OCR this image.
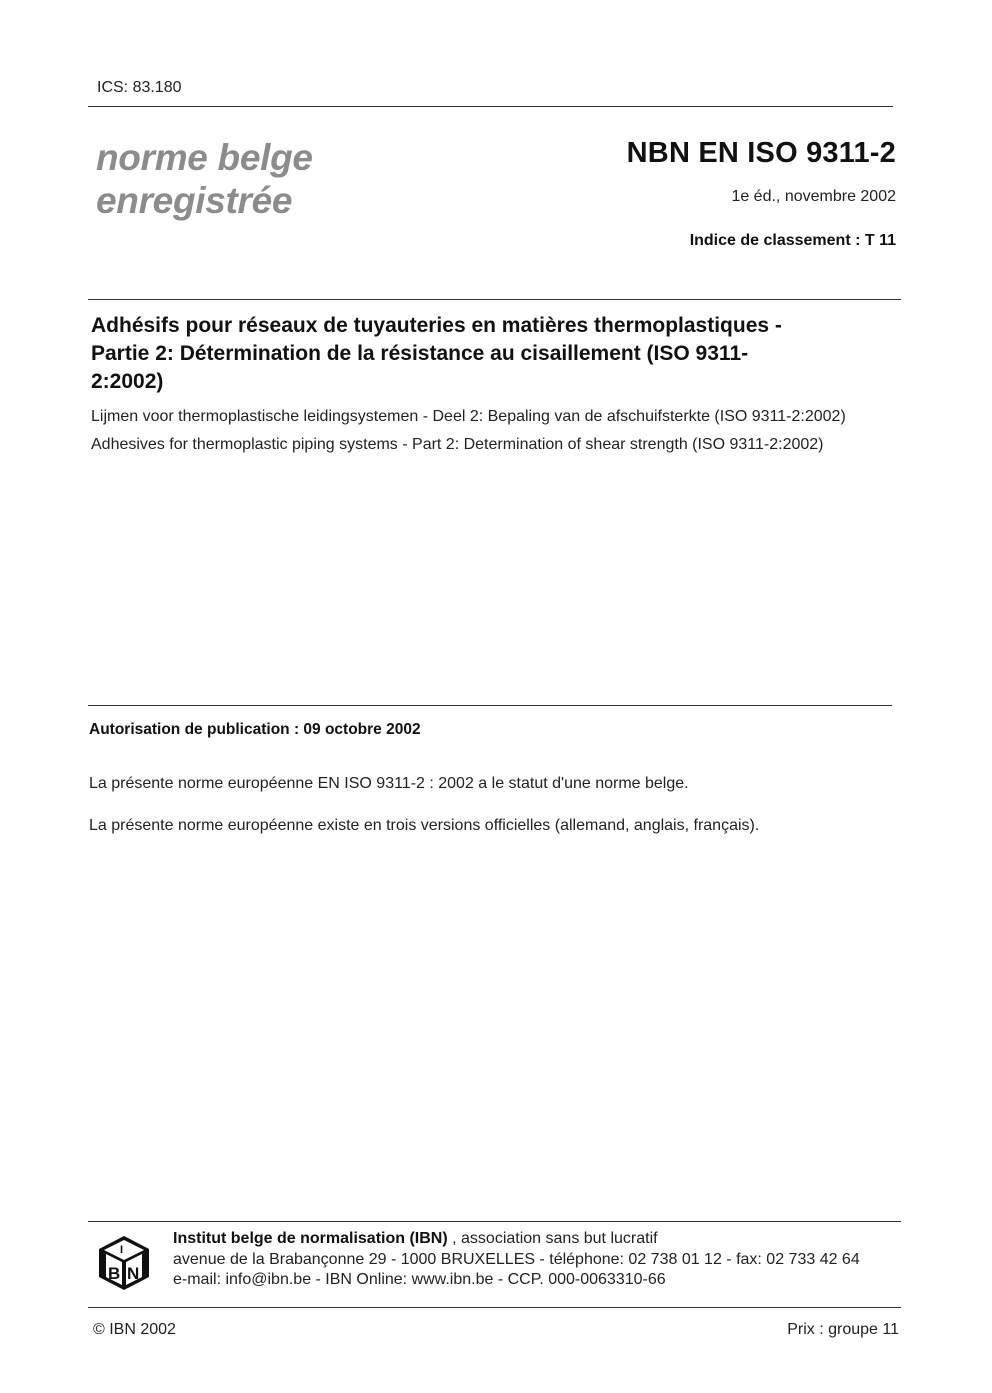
ICS: 83.180
norme belge
enregistrée
NBN EN ISO 9311-2
1e éd., novembre 2002
Indice de classement : T 11
Adhésifs pour réseaux de tuyauteries en matières thermoplastiques -
Partie 2: Détermination de la résistance au cisaillement (ISO 9311-
2:2002)
Lijmen voor thermoplastische leidingsystemen - Deel 2: Bepaling van de afschuifsterkte (ISO 9311-2:2002)
Adhesives for thermoplastic piping systems - Part 2: Determination of shear strength (ISO 9311-2:2002)
Autorisation de publication : 09 octobre 2002
La présente norme européenne EN ISO 9311-2 : 2002 a le statut d'une norme belge.
La présente norme européenne existe en trois versions officielles (allemand, anglais, français).
I
B N
Institut belge de normalisation (IBN) , association sans but lucratif
avenue de la Brabançonne 29 - 1000 BRUXELLES - téléphone: 02 738 01 12 - fax: 02 733 42 64
e-mail: info@ibn.be - IBN Online: www.ibn.be - CCP. 000-0063310-66
© IBN 2002	Prix : groupe 11
